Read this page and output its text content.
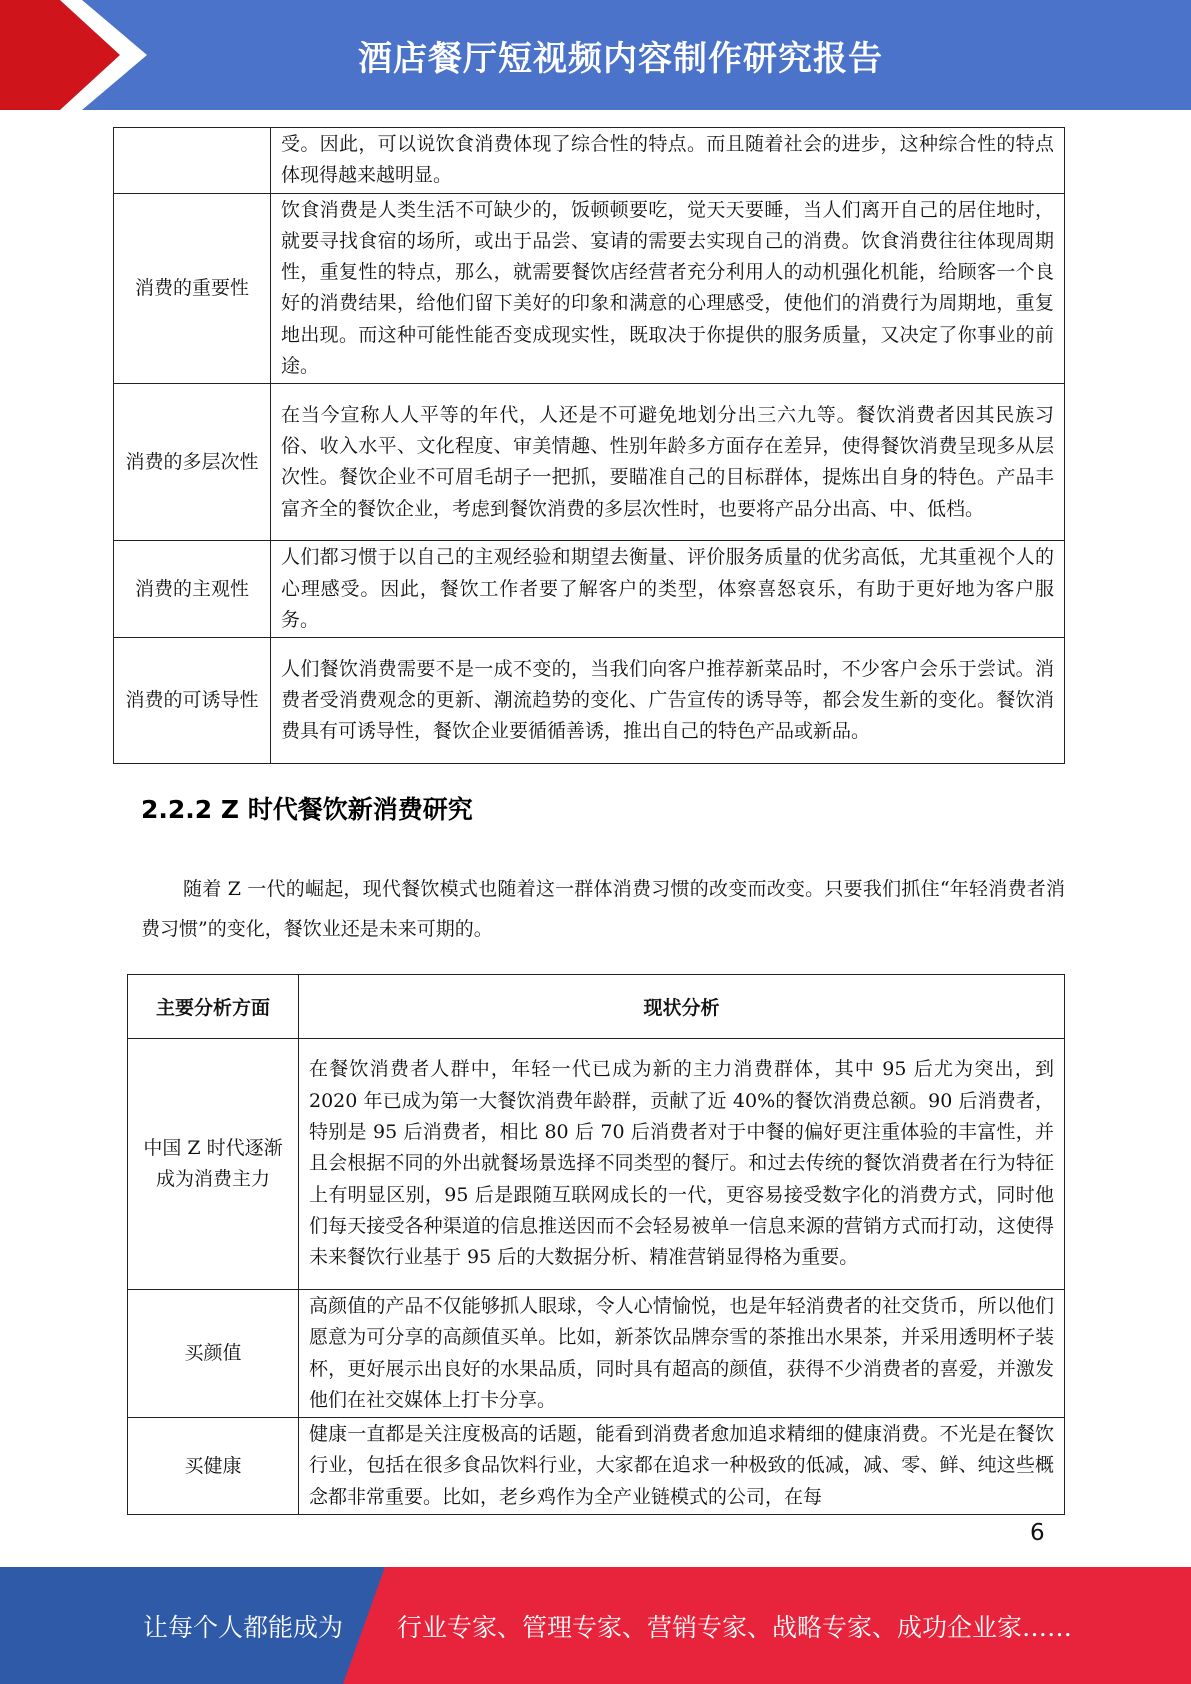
酒店餐厅短视频内容制作研究报告
	受。因此，可以说饮食消费体现了综合性的特点。而且随着社会的进步，这种综合性的特点体现得越来越明显。
消费的重要性	饮食消费是人类生活不可缺少的，饭顿顿要吃，觉天天要睡，当人们离开自己的居住地时，就要寻找食宿的场所，或出于品尝、宴请的需要去实现自己的消费。饮食消费往往体现周期性，重复性的特点，那么，就需要餐饮店经营者充分利用人的动机强化机能，给顾客一个良好的消费结果，给他们留下美好的印象和满意的心理感受，使他们的消费行为周期地，重复地出现。而这种可能性能否变成现实性，既取决于你提供的服务质量，又决定了你事业的前途。
消费的多层次性	在当今宣称人人平等的年代，人还是不可避免地划分出三六九等。餐饮消费者因其民族习俗、收入水平、文化程度、审美情趣、性别年龄多方面存在差异，使得餐饮消费呈现多从层次性。餐饮企业不可眉毛胡子一把抓，要瞄准自己的目标群体，提炼出自身的特色。产品丰富齐全的餐饮企业，考虑到餐饮消费的多层次性时，也要将产品分出高、中、低档。
消费的主观性	人们都习惯于以自己的主观经验和期望去衡量、评价服务质量的优劣高低，尤其重视个人的心理感受。因此，餐饮工作者要了解客户的类型，体察喜怒哀乐，有助于更好地为客户服务。
消费的可诱导性	人们餐饮消费需要不是一成不变的，当我们向客户推荐新菜品时，不少客户会乐于尝试。消费者受消费观念的更新、潮流趋势的变化、广告宣传的诱导等，都会发生新的变化。餐饮消费具有可诱导性，餐饮企业要循循善诱，推出自己的特色产品或新品。
2.2.2 Z 时代餐饮新消费研究

随着 Z 一代的崛起，现代餐饮模式也随着这一群体消费习惯的改变而改变。只要我们抓住“年轻消费者消费习惯”的变化，餐饮业还是未来可期的。

主要分析方面	现状分析
中国 Z 时代逐渐成为消费主力	在餐饮消费者人群中，年轻一代已成为新的主力消费群体，其中 95 后尤为突出，到 2020 年已成为第一大餐饮消费年龄群，贡献了近 40%的餐饮消费总额。90 后消费者，特别是 95 后消费者，相比 80 后 70 后消费者对于中餐的偏好更注重体验的丰富性，并且会根据不同的外出就餐场景选择不同类型的餐厅。和过去传统的餐饮消费者在行为特征上有明显区别，95 后是跟随互联网成长的一代，更容易接受数字化的消费方式，同时他们每天接受各种渠道的信息推送因而不会轻易被单一信息来源的营销方式而打动，这使得未来餐饮行业基于 95 后的大数据分析、精准营销显得格为重要。
买颜值	高颜值的产品不仅能够抓人眼球，令人心情愉悦，也是年轻消费者的社交货币，所以他们愿意为可分享的高颜值买单。比如，新茶饮品牌奈雪的茶推出水果茶，并采用透明杯子装杯，更好展示出良好的水果品质，同时具有超高的颜值，获得不少消费者的喜爱，并激发他们在社交媒体上打卡分享。
买健康	健康一直都是关注度极高的话题，能看到消费者愈加追求精细的健康消费。不光是在餐饮行业，包括在很多食品饮料行业，大家都在追求一种极致的低减，减、零、鲜、纯这些概念都非常重要。比如，老乡鸡作为全产业链模式的公司，在每
6
让每个人都能成为 行业专家、管理专家、营销专家、战略专家、成功企业家……
